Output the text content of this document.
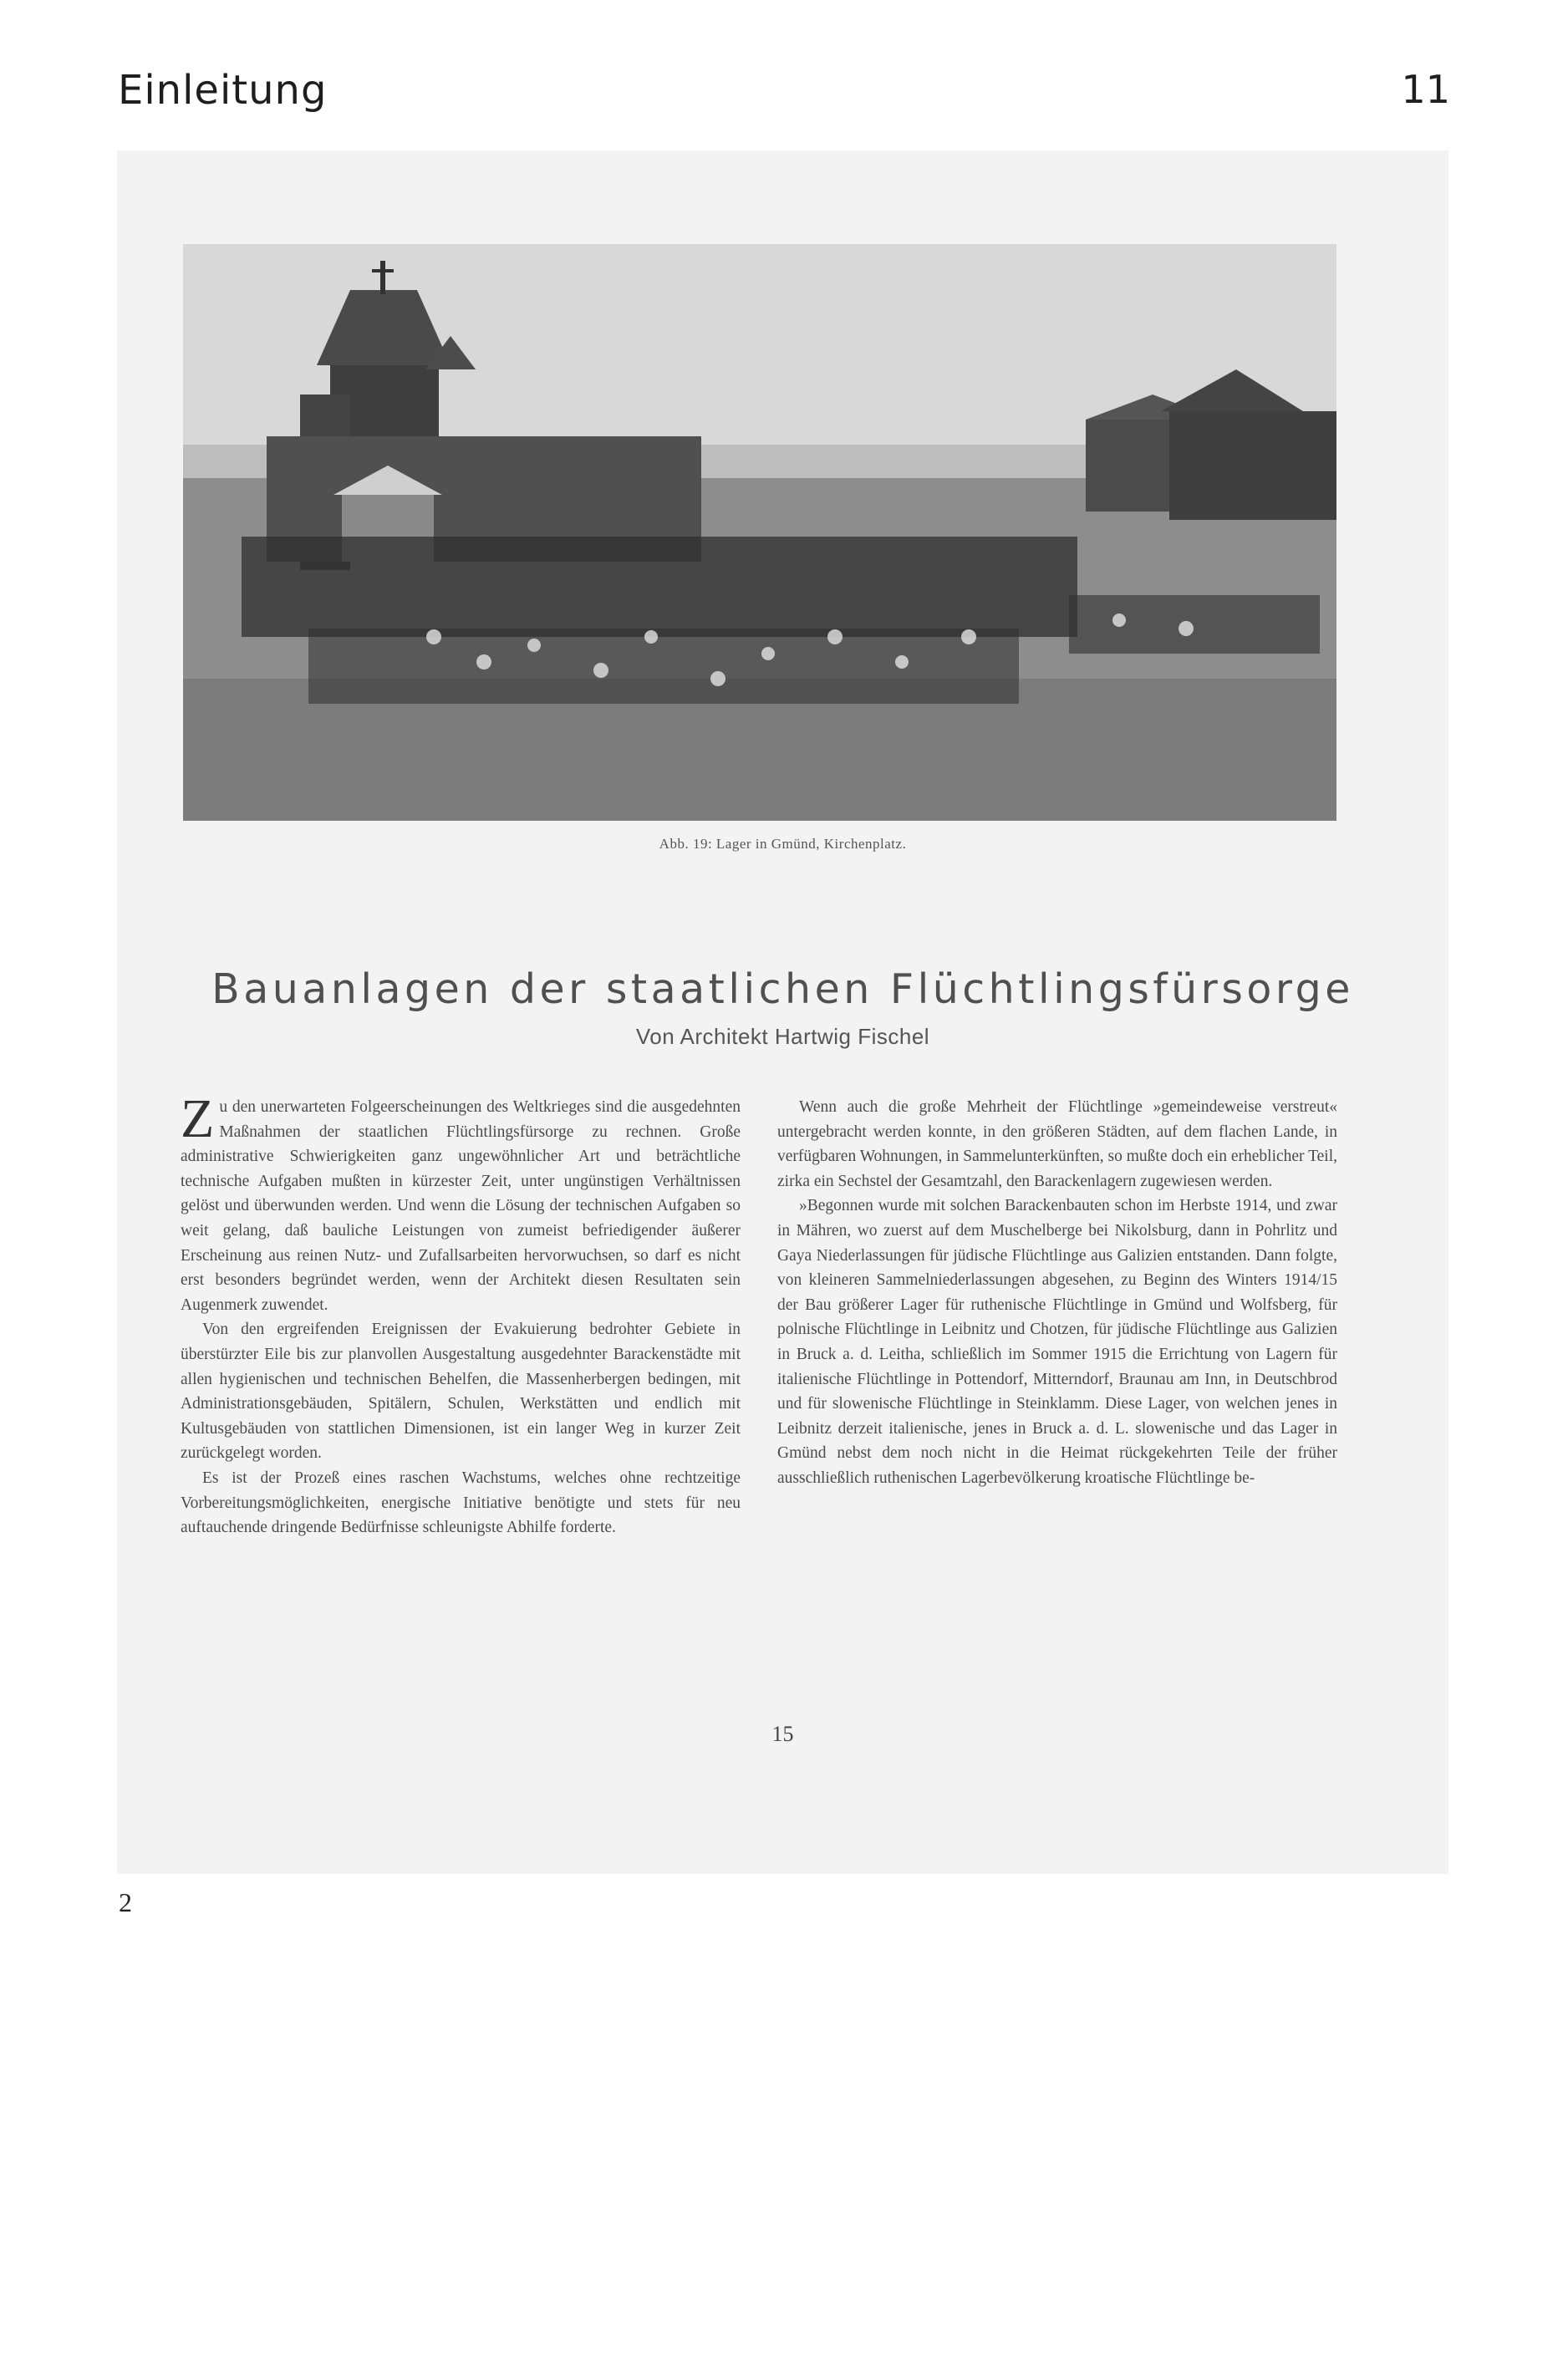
Einleitung	11
Abb. 19: Lager in Gmünd, Kirchenplatz.
Bauanlagen der staatlichen Flüchtlingsfürsorge
Von Architekt Hartwig Fischel

Zu den unerwarteten Folgeerscheinungen des Weltkrieges sind die ausgedehnten Maßnahmen der staatlichen Flüchtlingsfürsorge zu rechnen. Große administrative Schwierigkeiten ganz ungewöhnlicher Art und beträchtliche technische Aufgaben mußten in kürzester Zeit, unter ungünstigen Verhältnissen gelöst und überwunden werden. Und wenn die Lösung der technischen Aufgaben so weit gelang, daß bauliche Leistungen von zumeist befriedigender äußerer Erscheinung aus reinen Nutz- und Zufallsarbeiten hervorwuchsen, so darf es nicht erst besonders begründet werden, wenn der Architekt diesen Resultaten sein Augenmerk zuwendet.

Von den ergreifenden Ereignissen der Evakuierung bedrohter Gebiete in überstürzter Eile bis zur planvollen Ausgestaltung ausgedehnter Barackenstädte mit allen hygienischen und technischen Behelfen, die Massenherbergen bedingen, mit Administrationsgebäuden, Spitälern, Schulen, Werkstätten und endlich mit Kultusgebäuden von stattlichen Dimensionen, ist ein langer Weg in kurzer Zeit zurückgelegt worden.

Es ist der Prozeß eines raschen Wachstums, welches ohne rechtzeitige Vorbereitungsmöglichkeiten, energische Initiative benötigte und stets für neu auftauchende dringende Bedürfnisse schleunigste Abhilfe forderte.

Wenn auch die große Mehrheit der Flüchtlinge »gemeindeweise verstreut« untergebracht werden konnte, in den größeren Städten, auf dem flachen Lande, in verfügbaren Wohnungen, in Sammelunterkünften, so mußte doch ein erheblicher Teil, zirka ein Sechstel der Gesamtzahl, den Barackenlagern zugewiesen werden.

»Begonnen wurde mit solchen Barackenbauten schon im Herbste 1914, und zwar in Mähren, wo zuerst auf dem Muschelberge bei Nikolsburg, dann in Pohrlitz und Gaya Niederlassungen für jüdische Flüchtlinge aus Galizien entstanden. Dann folgte, von kleineren Sammelniederlassungen abgesehen, zu Beginn des Winters 1914/15 der Bau größerer Lager für ruthenische Flüchtlinge in Gmünd und Wolfsberg, für polnische Flüchtlinge in Leibnitz und Chotzen, für jüdische Flüchtlinge aus Galizien in Bruck a. d. Leitha, schließlich im Sommer 1915 die Errichtung von Lagern für italienische Flüchtlinge in Pottendorf, Mitterndorf, Braunau am Inn, in Deutschbrod und für slowenische Flüchtlinge in Steinklamm. Diese Lager, von welchen jenes in Leibnitz derzeit italienische, jenes in Bruck a. d. L. slowenische und das Lager in Gmünd nebst dem noch nicht in die Heimat rückgekehrten Teile der früher ausschließlich ruthenischen Lagerbevölkerung kroatische Flüchtlinge be-

15
2
